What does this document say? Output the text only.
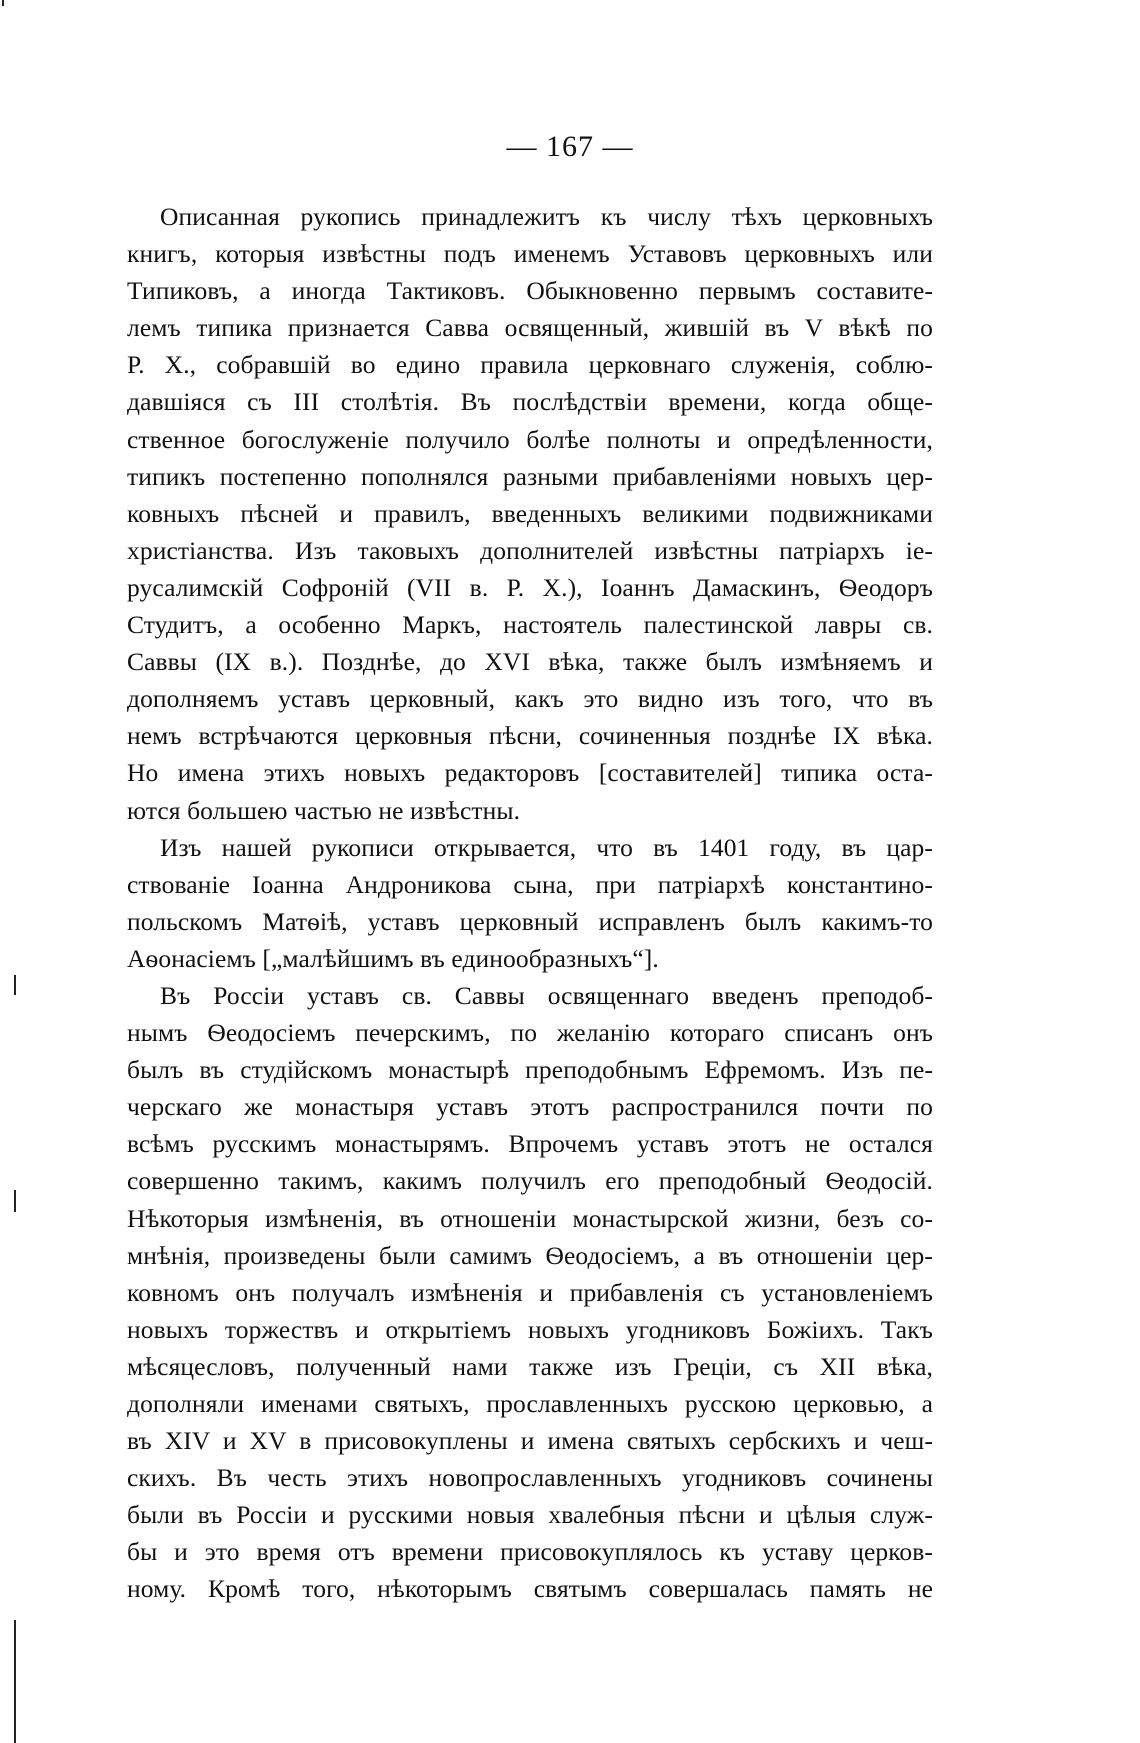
— 167 —

Описанная рукопись принадлежитъ къ числу тѣхъ церковныхъ
книгъ, которыя извѣстны подъ именемъ Уставовъ церковныхъ или
Типиковъ, а иногда Тактиковъ. Обыкновенно первымъ составите-
лемъ типика признается Савва освященный, жившій въ V вѣкѣ по
Р. X., собравшій во едино правила церковнаго служенія, соблю-
давшіяся съ III столѣтія. Въ послѣдствіи времени, когда обще-
ственное богослуженіе получило болѣе полноты и опредѣленности,
типикъ постепенно пополнялся разными прибавленіями новыхъ цер-
ковныхъ пѣсней и правилъ, введенныхъ великими подвижниками
христіанства. Изъ таковыхъ дополнителей извѣстны патріархъ іе-
русалимскій Софроній (VII в. Р. X.), Іоаннъ Дамаскинъ, Ѳеодоръ
Студитъ, а особенно Маркъ, настоятель палестинской лавры св.
Саввы (IX в.). Позднѣе, до XVI вѣка, также былъ измѣняемъ и
дополняемъ уставъ церковный, какъ это видно изъ того, что въ
немъ встрѣчаются церковныя пѣсни, сочиненныя позднѣе IX вѣка.
Но имена этихъ новыхъ редакторовъ [составителей] типика оста-
ются большею частью не извѣстны.

Изъ нашей рукописи открывается, что въ 1401 году, въ цар-
ствованіе Іоанна Андроникова сына, при патріархѣ константино-
польскомъ Матѳіѣ, уставъ церковный исправленъ былъ какимъ-то
Аѳонасіемъ [„малѣйшимъ въ единообразныхъ“].

Въ Россіи уставъ св. Саввы освященнаго введенъ преподоб-
нымъ Ѳеодосіемъ печерскимъ, по желанію котораго списанъ онъ
былъ въ студійскомъ монастырѣ преподобнымъ Ефремомъ. Изъ пе-
черскаго же монастыря уставъ этотъ распространился почти по
всѣмъ русскимъ монастырямъ. Впрочемъ уставъ этотъ не остался
совершенно такимъ, какимъ получилъ его преподобный Ѳеодосій.
Нѣкоторыя измѣненія, въ отношеніи монастырской жизни, безъ со-
мнѣнія, произведены были самимъ Ѳеодосіемъ, а въ отношеніи цер-
ковномъ онъ получалъ измѣненія и прибавленія съ установленіемъ
новыхъ торжествъ и открытіемъ новыхъ угодниковъ Божіихъ. Такъ
мѣсяцесловъ, полученный нами также изъ Греціи, съ XII вѣка,
дополняли именами святыхъ, прославленныхъ русскою церковью, а
въ XIV и XV в присовокуплены и имена святыхъ сербскихъ и чеш-
скихъ. Въ честь этихъ новопрославленныхъ угодниковъ сочинены
были въ Россіи и русскими новыя хвалебныя пѣсни и цѣлыя служ-
бы и это время отъ времени присовокуплялось къ уставу церков-
ному. Кромѣ того, нѣкоторымъ святымъ совершалась память не
